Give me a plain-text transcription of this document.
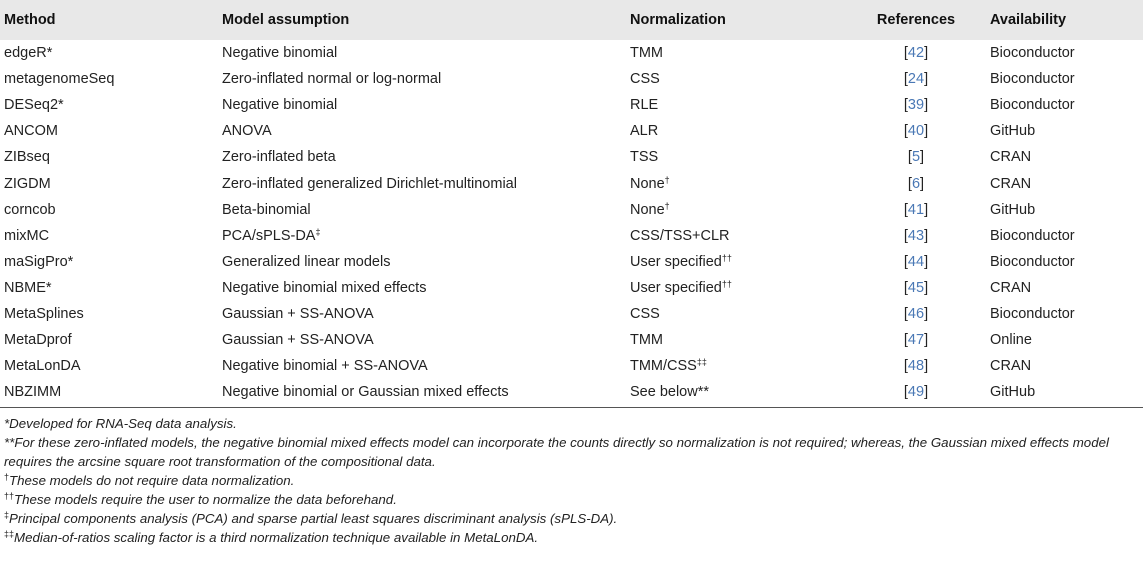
Method	Model assumption	Normalization	References	Availability
edgeR*	Negative binomial	TMM	[42]	Bioconductor
metagenomeSeq	Zero-inflated normal or log-normal	CSS	[24]	Bioconductor
DESeq2*	Negative binomial	RLE	[39]	Bioconductor
ANCOM	ANOVA	ALR	[40]	GitHub
ZIBseq	Zero-inflated beta	TSS	[5]	CRAN
ZIGDM	Zero-inflated generalized Dirichlet-multinomial	None†	[6]	CRAN
corncob	Beta-binomial	None†	[41]	GitHub
mixMC	PCA/sPLS-DA‡	CSS/TSS+CLR	[43]	Bioconductor
maSigPro*	Generalized linear models	User specified††	[44]	Bioconductor
NBME*	Negative binomial mixed effects	User specified††	[45]	CRAN
MetaSplines	Gaussian + SS-ANOVA	CSS	[46]	Bioconductor
MetaDprof	Gaussian + SS-ANOVA	TMM	[47]	Online
MetaLonDA	Negative binomial + SS-ANOVA	TMM/CSS‡‡	[48]	CRAN
NBZIMM	Negative binomial or Gaussian mixed effects	See below**	[49]	GitHub
*Developed for RNA-Seq data analysis.
**For these zero-inflated models, the negative binomial mixed effects model can incorporate the counts directly so normalization is not required; whereas, the Gaussian mixed effects model requires the arcsine square root transformation of the compositional data.
†These models do not require data normalization.
††These models require the user to normalize the data beforehand.
‡Principal components analysis (PCA) and sparse partial least squares discriminant analysis (sPLS-DA).
‡‡Median-of-ratios scaling factor is a third normalization technique available in MetaLonDA.
